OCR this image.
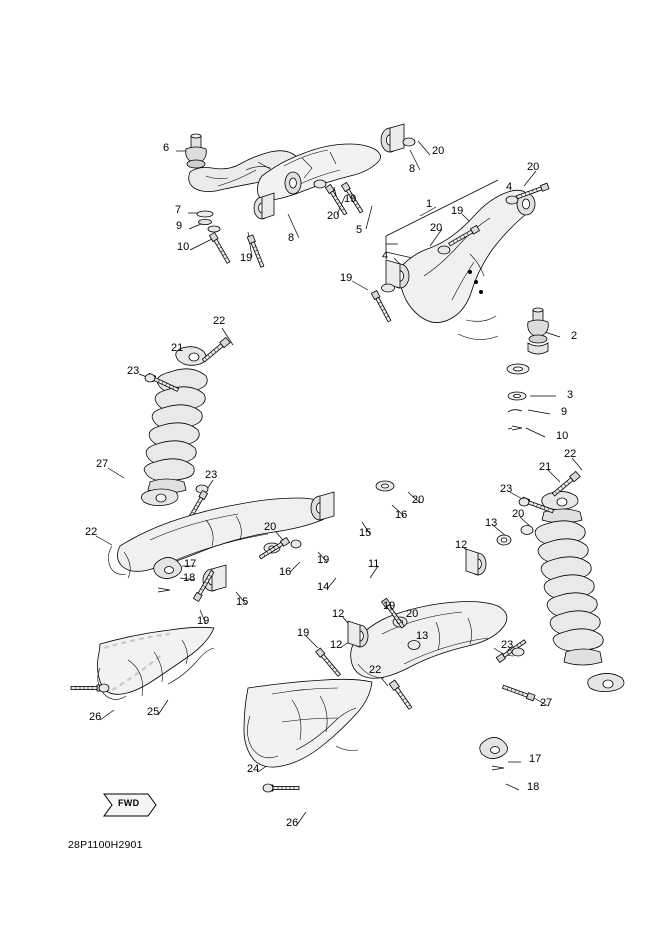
FWD
6	20
8	20
7
4
1
19
9
20
19
10
8
5	20
19	4
19
2
22
21
3
23
9
10
27	21
22
23
20
16
23
13
20
22	20	15
12
19
16
17	11
18
14
15
12
19
20
19
13
23
19
12
22
26	25
27
24
17
18
26
28P1100H2901
